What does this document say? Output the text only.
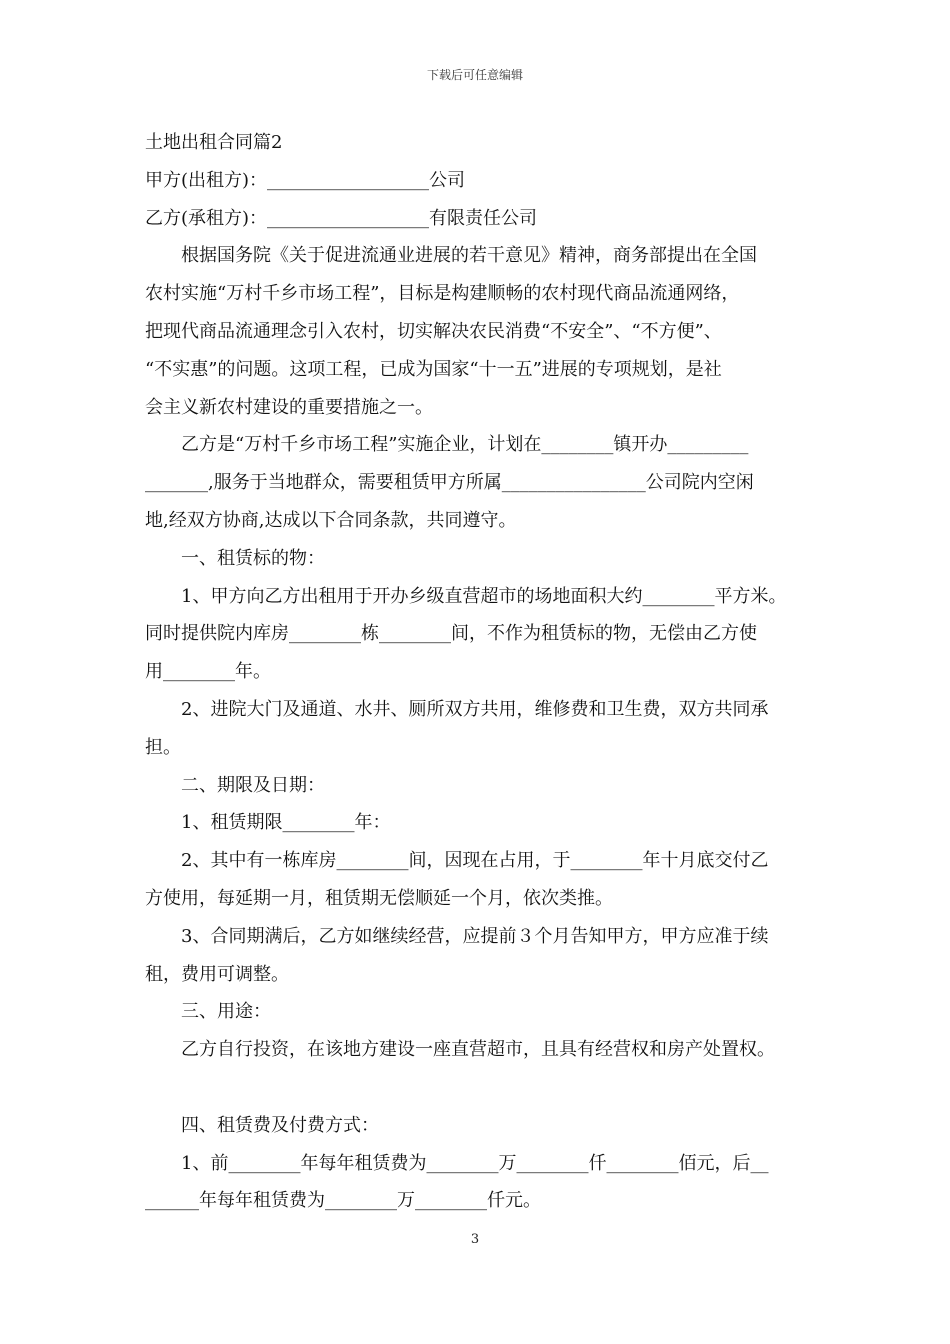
下载后可任意编辑
土地出租合同篇2
甲方(出租方)：__________________公司
乙方(承租方)：__________________有限责任公司
根据国务院《关于促进流通业进展的若干意见》精神，商务部提出在全国
农村实施“万村千乡市场工程”，目标是构建顺畅的农村现代商品流通网络，
把现代商品流通理念引入农村，切实解决农民消费“不安全”、“不方便”、
“不实惠”的问题。这项工程，已成为国家“十一五”进展的专项规划，是社
会主义新农村建设的重要措施之一。
乙方是“万村千乡市场工程”实施企业，计划在________镇开办_________
_______,服务于当地群众，需要租赁甲方所属________________公司院内空闲
地,经双方协商,达成以下合同条款，共同遵守。
一、租赁标的物：
1、甲方向乙方出租用于开办乡级直营超市的场地面积大约________平方米。
同时提供院内库房________栋________间，不作为租赁标的物，无偿由乙方使
用________年。
2、进院大门及通道、水井、厕所双方共用，维修费和卫生费，双方共同承
担。
二、期限及日期：
1、租赁期限________年：
2、其中有一栋库房________间，因现在占用，于________年十月底交付乙
方使用，每延期一月，租赁期无偿顺延一个月，依次类推。
3、合同期满后，乙方如继续经营，应提前３个月告知甲方，甲方应准于续
租，费用可调整。
三、用途：
乙方自行投资，在该地方建设一座直营超市，且具有经营权和房产处置权。
四、租赁费及付费方式：
1、前________年每年租赁费为________万________仟________佰元，后__
______年每年租赁费为________万________仟元。
3
